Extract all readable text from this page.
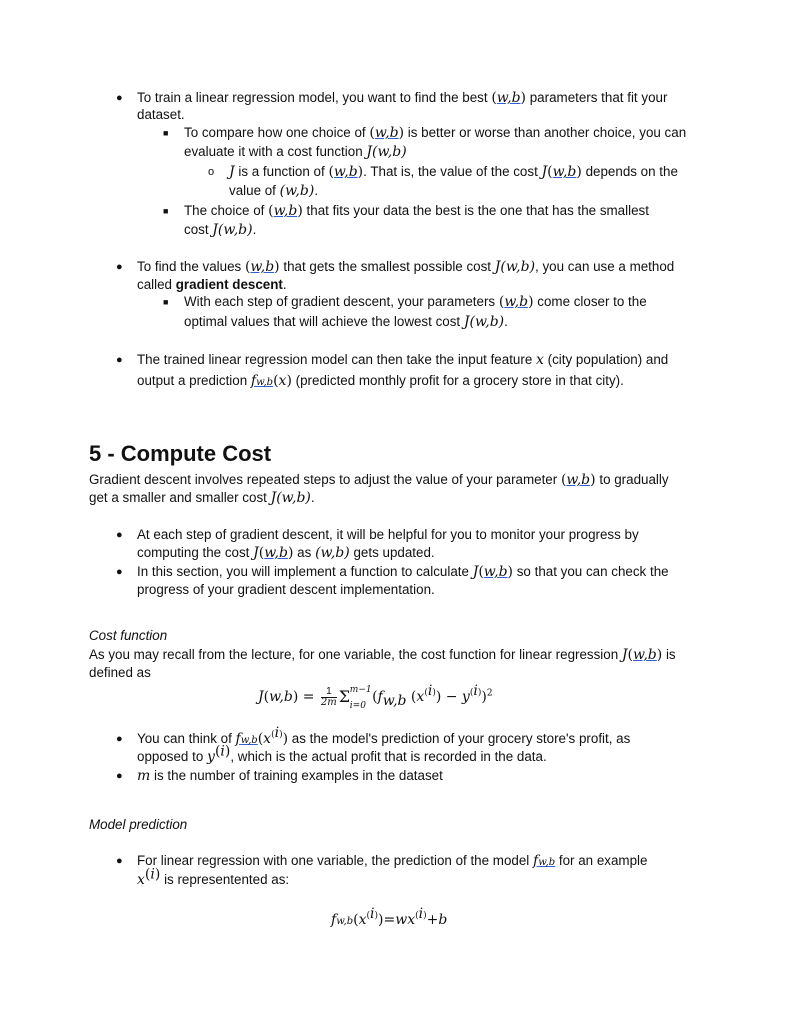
● To train a linear regression model, you want to find the best (w,b) parameters that fit your
dataset.
■ To compare how one choice of (w,b) is better or worse than another choice, you can
evaluate it with a cost function J(w,b)
o J is a function of (w,b). That is, the value of the cost J(w,b) depends on the
value of (w,b).
■ The choice of (w,b) that fits your data the best is the one that has the smallest
cost J(w,b).
● To find the values (w,b) that gets the smallest possible cost J(w,b), you can use a method
called gradient descent.
■ With each step of gradient descent, your parameters (w,b) come closer to the
optimal values that will achieve the lowest cost J(w,b).
● The trained linear regression model can then take the input feature x (city population) and
output a prediction fw,b(x) (predicted monthly profit for a grocery store in that city).
5 - Compute Cost
Gradient descent involves repeated steps to adjust the value of your parameter (w,b) to gradually
get a smaller and smaller cost J(w,b).
● At each step of gradient descent, it will be helpful for you to monitor your progress by
computing the cost J(w,b) as (w,b) gets updated.
● In this section, you will implement a function to calculate J(w,b) so that you can check the
progress of your gradient descent implementation.
Cost function
As you may recall from the lecture, for one variable, the cost function for linear regression J(w,b) is
defined as
$J(w,b) = \frac{1}{2m}$ Σ m−1
i=0
($f_{w,b}$ $(x^{(i)}) - y^{(i)})^2$
● You can think of $fw,b(x^{(i)})$ as the model's prediction of your grocery store's profit, as
opposed to $y^{(i)}$, which is the actual profit that is recorded in the data.
● m is the number of training examples in the dataset
Model prediction
● For linear regression with one variable, the prediction of the model fw,b for an example
$x^{(i)}$ is representented as:
$fw,b(x^{(i)})=wx^{(i)}+b$
